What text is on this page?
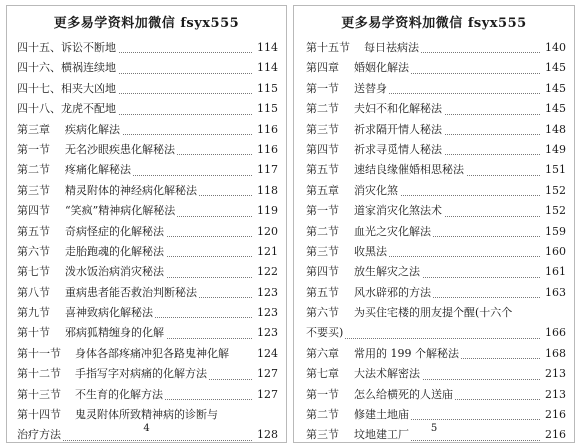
更多易学资料加微信 fsyx555
四十五、诉讼不断地	114
四十六、横祸连续地	114
四十七、相夹大凶地	115
四十八、龙虎不配地	115
第三章 疾病化解法	116
第一节 无名沙眼疾患化解秘法	116
第二节 疼痛化解秘法	117
第三节 精灵附体的神经病化解秘法	118
第四节 “笑疯”精神病化解秘法	119
第五节 奇病怪症的化解秘法	120
第六节 走胎跑魂的化解秘法	121
第七节 泼水饭治病消灾秘法	122
第八节 重病患者能否救治判断秘法	123
第九节 喜神致病化解秘法	123
第十节 邪病狐精缠身的化解	123
第十一节 身体各部疼痛冲犯各路鬼神化解	124
第十二节 手指写字对病痛的化解方法	127
第十三节 不生育的化解方法	127
第十四节 鬼灵附体所致精神病的诊断与
治疗方法	128
4
更多易学资料加微信 fsyx555
第十五节 每日祛病法	140
第四章 婚姻化解法	145
第一节 送替身	145
第二节 夫妇不和化解秘法	145
第三节 祈求隔开情人秘法	148
第四节 祈求寻觅情人秘法	149
第五节 速结良缘催婚相思秘法	151
第五章 消灾化煞	152
第一节 道家消灾化煞法术	152
第二节 血光之灾化解法	159
第三节 收黑法	160
第四节 放生解灾之法	161
第五节 风水辟邪的方法	163
第六节 为买住宅楼的朋友提个醒(十六个
不要买)	166
第六章 常用的 199 个解秘法	168
第七章 大法术解密法	213
第一节 怎么给横死的人送庙	213
第二节 修建土地庙	216
第三节 坟地建工厂	216
5
